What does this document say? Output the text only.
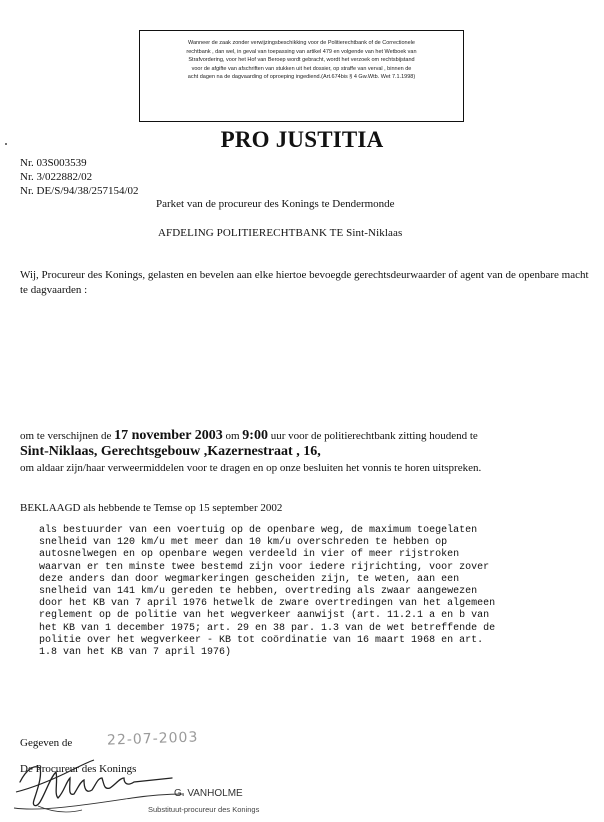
Wanneer de zaak zonder verwijzingsbeschikking voor de Politierechtbank of de Correctionele

rechtbank , dan wel, in geval van toepassing van artikel 479 en volgende van het Wetboek van

Strafvordering, voor het Hof van Beroep wordt gebracht, wordt het verzoek om rechtsbijstand

voor de afgifte van afschriften van stukken uit het dossier, op straffe van verval , binnen de

acht dagen na de dagvaarding of oproeping ingediend.(Art.674bis § 4 Gw.Wtb. Wet 7.1.1998)

PRO JUSTITIA
Nr. 03S003539
Nr. 3/022882/02
Nr. DE/S/94/38/257154/02
Parket van de procureur des Konings te Dendermonde
AFDELING POLITIERECHTBANK TE Sint-Niklaas
Wij, Procureur des Konings, gelasten en bevelen aan elke hiertoe bevoegde gerechtsdeurwaarder of agent van de openbare macht te dagvaarden :
om te verschijnen de 17 november 2003 om 9:00 uur voor de politierechtbank zitting houdend te
Sint-Niklaas, Gerechtsgebouw ,Kazernestraat , 16,
om aldaar zijn/haar verweermiddelen voor te dragen en op onze besluiten het vonnis te horen uitspreken.
BEKLAAGD als hebbende te Temse op 15 september 2002
als bestuurder van een voertuig op de openbare weg, de maximum toegelaten
snelheid van 120 km/u met meer dan 10 km/u overschreden te hebben op
autosnelwegen en op openbare wegen verdeeld in vier of meer rijstroken
waarvan er ten minste twee bestemd zijn voor iedere rijrichting, voor zover
deze anders dan door wegmarkeringen gescheiden zijn, te weten, aan een
snelheid van 141 km/u gereden te hebben, overtreding als zwaar aangewezen
door het KB van 7 april 1976 hetwelk de zware overtredingen van het algemeen
reglement op de politie van het wegverkeer aanwijst (art. 11.2.1 a en b van
het KB van 1 december 1975; art. 29 en 38 par. 1.3 van de wet betreffende de
politie over het wegverkeer - KB tot coördinatie van 16 maart 1968 en art.
1.8 van het KB van 7 april 1976)
Gegeven de 22-07-2003
De Procureur des Konings
G. VANHOLME
Substituut-procureur des Konings
